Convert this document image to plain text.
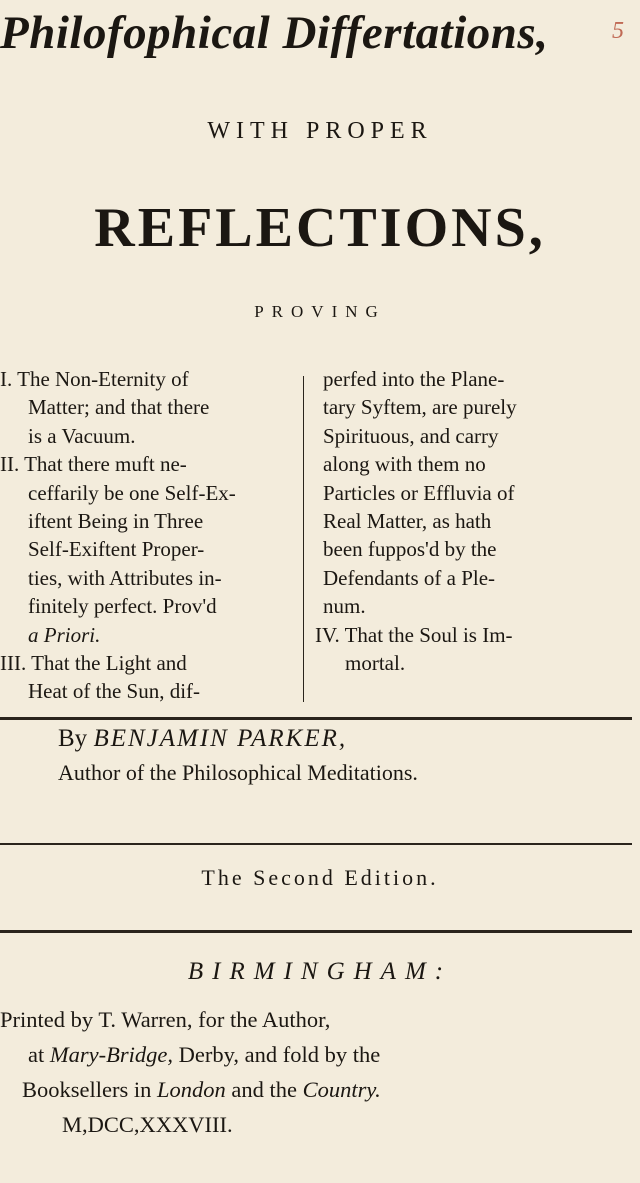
Philofophical Differtations,	5
WITH PROPER
REFLECTIONS,
PROVING
I. The Non-Eternity of
Matter; and that there
is a Vacuum.
II. That there muft ne-
ceffarily be one Self-Ex-
iftent Being in Three
Self-Exiftent Proper-
ties, with Attributes in-
finitely perfect. Prov'd
a Priori.
III. That the Light and
Heat of the Sun, dif-
perfed into the Plane-
tary Syftem, are purely
Spirituous, and carry
along with them no
Particles or Effluvia of
Real Matter, as hath
been fuppos'd by the
Defendants of a Ple-
num.
IV. That the Soul is Im-
mortal.
By BENJAMIN PARKER,
Author of the Philosophical Meditations.
The Second Edition.
BIRMINGHAM:
Printed by T. Warren, for the Author,
at Mary-Bridge, Derby, and fold by the
Booksellers in London and the Country.
M,DCC,XXXVIII.
